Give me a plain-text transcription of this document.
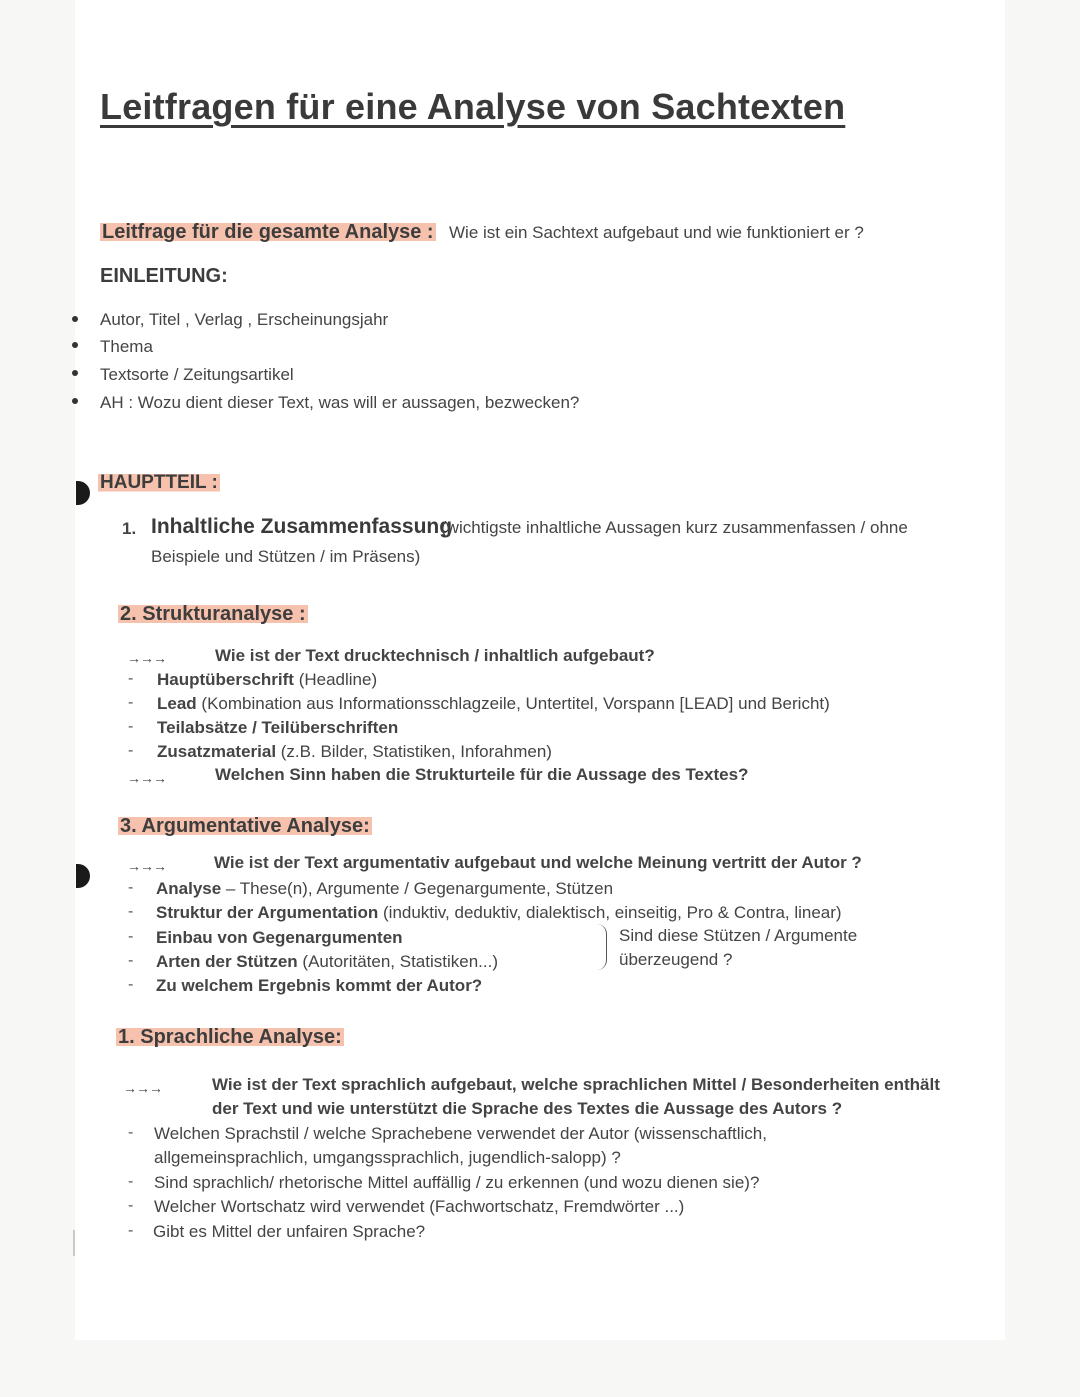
Leitfragen für eine Analyse von Sachtexten
Leitfrage für die gesamte Analyse : Wie ist ein Sachtext aufgebaut und wie funktioniert er ?
EINLEITUNG:
Autor, Titel , Verlag , Erscheinungsjahr
Thema
Textsorte / Zeitungsartikel
AH : Wozu dient dieser Text, was will er aussagen, bezwecken?
HAUPTTEIL :
1. Inhaltliche Zusammenfassung
(wichtigste inhaltliche Aussagen kurz zusammenfassen / ohne
Beispiele und Stützen / im Präsens)
2. Strukturanalyse :
→→→	Wie ist der Text drucktechnisch / inhaltlich aufgebaut?
- Hauptüberschrift (Headline)
- Lead (Kombination aus Informationsschlagzeile, Untertitel, Vorspann [LEAD] und Bericht)
- Teilabsätze / Teilüberschriften
- Zusatzmaterial (z.B. Bilder, Statistiken, Inforahmen)
→→→	Welchen Sinn haben die Strukturteile für die Aussage des Textes?
3. Argumentative Analyse:
→→→	Wie ist der Text argumentativ aufgebaut und welche Meinung vertritt der Autor ?
- Analyse – These(n), Argumente / Gegenargumente, Stützen
- Struktur der Argumentation (induktiv, deduktiv, dialektisch, einseitig, Pro & Contra, linear)
- Einbau von Gegenargumenten
- Arten der Stützen (Autoritäten, Statistiken...)
- Zu welchem Ergebnis kommt der Autor?
Sind diese Stützen / Argumente
überzeugend ?
1. Sprachliche Analyse:
→→→	Wie ist der Text sprachlich aufgebaut, welche sprachlichen Mittel / Besonderheiten enthält
der Text und wie unterstützt die Sprache des Textes die Aussage des Autors ?
- Welchen Sprachstil / welche Sprachebene verwendet der Autor (wissenschaftlich,
allgemeinsprachlich, umgangssprachlich, jugendlich-salopp) ?
- Sind sprachlich/ rhetorische Mittel auffällig / zu erkennen (und wozu dienen sie)?
- Welcher Wortschatz wird verwendet (Fachwortschatz, Fremdwörter ...)
- Gibt es Mittel der unfairen Sprache?
